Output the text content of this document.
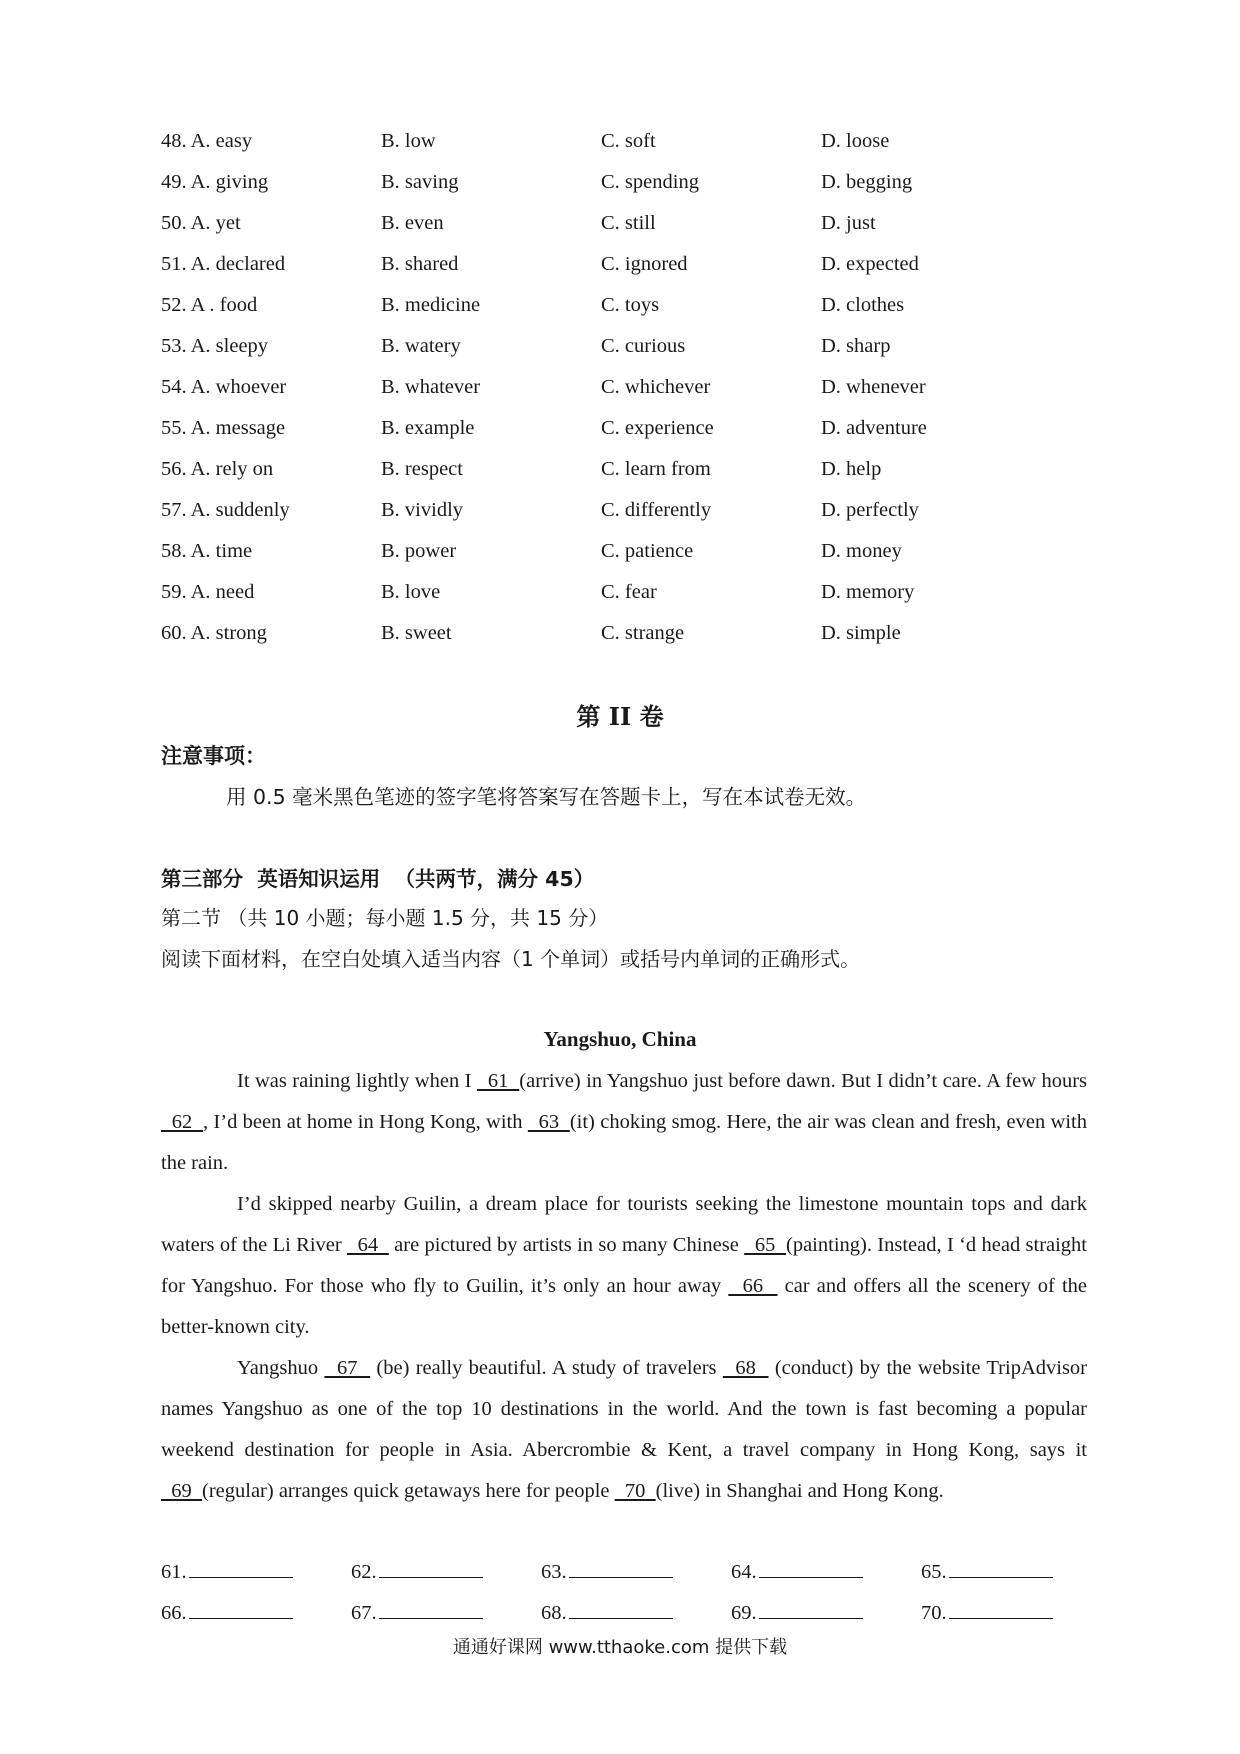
48. A. easy	B. low	C. soft	D. loose
49. A. giving	B. saving	C. spending	D. begging
50. A. yet	B. even	C. still	D. just
51. A. declared	B. shared	C. ignored	D. expected
52. A . food	B. medicine	C. toys	D. clothes
53. A. sleepy	B. watery	C. curious	D. sharp
54. A. whoever	B. whatever	C. whichever	D. whenever
55. A. message	B. example	C. experience	D. adventure
56. A. rely on	B. respect	C. learn from	D. help
57. A. suddenly	B. vividly	C. differently	D. perfectly
58. A. time	B. power	C. patience	D. money
59. A. need	B. love	C. fear	D. memory
60. A. strong	B. sweet	C. strange	D. simple
第 II 卷
注意事项：
用 0.5 毫米黑色笔迹的签字笔将答案写在答题卡上，写在本试卷无效。
第三部分  英语知识运用  （共两节，满分 45）
第二节 （共 10 小题；每小题 1.5 分，共 15 分）
阅读下面材料，在空白处填入适当内容（1 个单词）或括号内单词的正确形式。
Yangshuo, China

It was raining lightly when I   61  (arrive) in Yangshuo just before dawn. But I didn’t care. A few hours   62  , I’d been at home in Hong Kong, with   63  (it) choking smog. Here, the air was clean and fresh, even with the rain.

I’d skipped nearby Guilin, a dream place for tourists seeking the limestone mountain tops and dark waters of the Li River   64   are pictured by artists in so many Chinese   65  (painting). Instead, I ‘d head straight for Yangshuo. For those who fly to Guilin, it’s only an hour away   66   car and offers all the scenery of the better-known city.

Yangshuo   67   (be) really beautiful. A study of travelers   68   (conduct) by the website TripAdvisor names Yangshuo as one of the top 10 destinations in the world. And the town is fast becoming a popular weekend destination for people in Asia. Abercrombie & Kent, a travel company in Hong Kong, says it   69  (regular) arranges quick getaways here for people   70  (live) in Shanghai and Hong Kong.

61.	62.	63.	64.	65.
66.	67.	68.	69.	70.
通通好课网 www.tthaoke.com 提供下载
